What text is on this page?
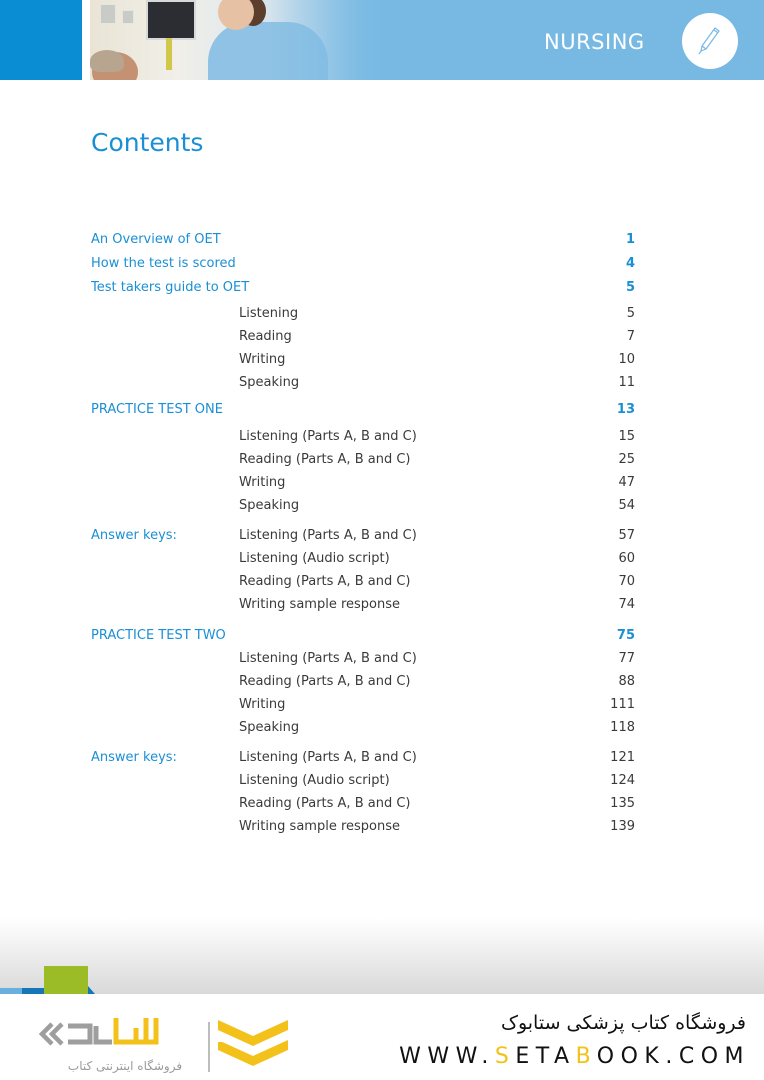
NURSING
Contents
An Overview of OET	1
How the test is scored	4
Test takers guide to OET	5
Listening	5
Reading	7
Writing	10
Speaking	11
PRACTICE TEST ONE	13
Listening (Parts A, B and C)	15
Reading (Parts A, B and C)	25
Writing	47
Speaking	54
Answer keys:	Listening (Parts A, B and C)	57
Listening (Audio script)	60
Reading (Parts A, B and C)	70
Writing sample response	74
PRACTICE TEST TWO	75
Listening (Parts A, B and C)	77
Reading (Parts A, B and C)	88
Writing	111
Speaking	118
Answer keys:	Listening (Parts A, B and C)	121
Listening (Audio script)	124
Reading (Parts A, B and C)	135
Writing sample response	139
فروشگاه اینترنتی کتاب
فروشگاه کتاب پزشکی ستابوک
WWW.SETABOOK.COM
